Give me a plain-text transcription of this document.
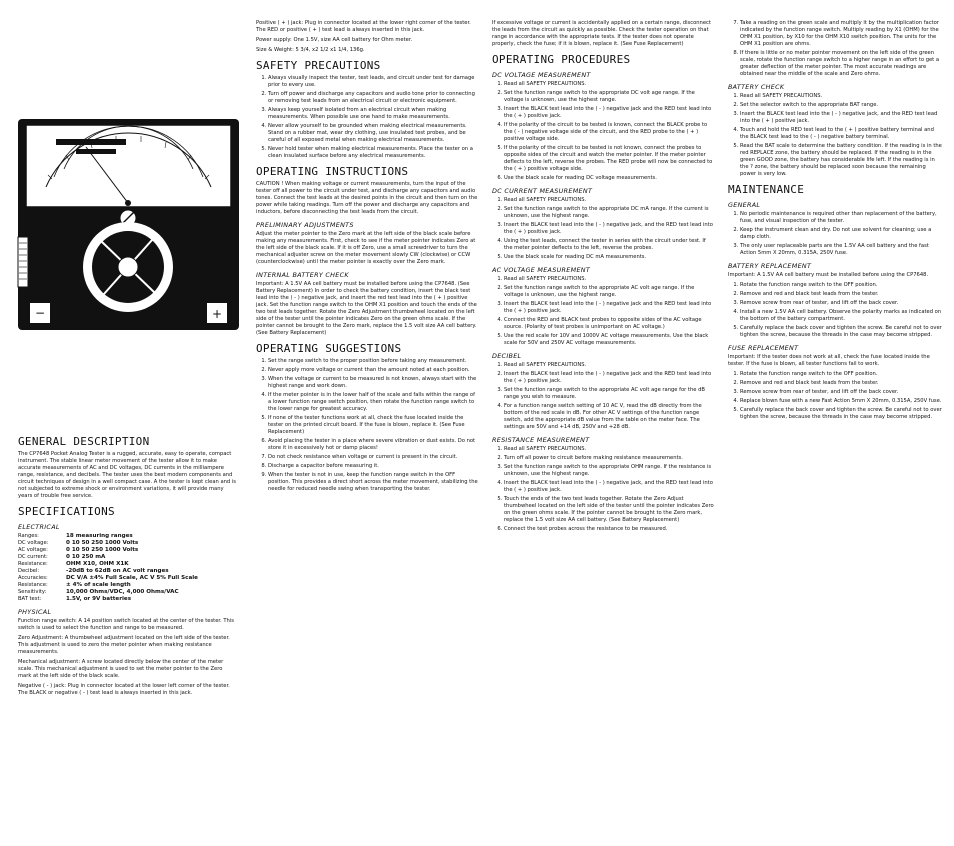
−	+
GENERAL DESCRIPTION

The CP7648 Pocket Analog Tester is a rugged, accurate, easy to operate, compact instrument. The stable linear meter movement of the tester allow it to make accurate measurements of AC and DC voltages, DC currents in the milliampere range, resistance, and decibels. The tester uses the best modern components and circuit techniques of design in a well compact case. A the tester is kept clean and is not subjected to extreme shock or environment variations, it will provide many years of trouble free service.

SPECIFICATIONS
ELECTRICAL
Ranges:	18 measuring ranges
DC voltage:	0 10 50 250 1000 Volts
AC voltage:	0 10 50 250 1000 Volts
DC current:	0 10 250 mA
Resistance:	OHM X10, OHM X1K
Decibel:	-20dB to 62dB on AC volt ranges
Accuracies:	DC V/A ±4% Full Scale, AC V 5% Full Scale
Resistance:	± 4% of scale length
Sensitivity:	10,000 Ohms/VDC, 4,000 Ohms/VAC
BAT test:	1.5V, or 9V batteries
PHYSICAL

Function range switch: A 14 position switch located at the center of the tester. This switch is used to select the function and range to be measured.

Zero Adjustment: A thumbwheel adjustment located on the left side of the tester. This adjustment is used to zero the meter pointer when making resistance measurements.

Mechanical adjustment: A screw located directly below the center of the meter scale. This mechanical adjustment is used to set the meter pointer to the Zero mark at the left side of the black scale.

Negative ( - ) jack: Plug in connector located at the lower left corner of the tester. The BLACK or negative ( - ) test lead is always inserted in this jack.

Positive ( + ) jack: Plug in connector located at the lower right corner of the tester. The RED or positive ( + ) test lead is always inserted in this jack.

Power supply: One 1.5V, size AA cell battery for Ohm meter.

Size & Weight: 5 3/4, x2 1/2 x1 1/4, 136g.

SAFETY PRECAUTIONS
1. Always visually inspect the tester, test leads, and circuit under test for damage prior to every use.
2. Turn off power and discharge any capacitors and audio tone prior to connecting or removing test leads from an electrical circuit or electronic equipment.
3. Always keep yourself isolated from an electrical circuit when making measurements. When possible use one hand to make measurements.
4. Never allow yourself to be grounded when making electrical measurements. Stand on a rubber mat, wear dry clothing, use insulated test probes, and be careful of all exposed metal when making electrical measurements.
5. Never hold tester when making electrical measurements. Place the tester on a clean insulated surface before any electrical measurements.
OPERATING INSTRUCTIONS

CAUTION ! When making voltage or current measurements, turn the input of the tester off all power to the circuit under test, and discharge any capacitors and audio tones. Connect the test leads at the desired points in the circuit and then turn on the power while taking readings. Turn off the power and discharge any capacitors and inductors, before disconnecting the test leads from the circuit.

PRELIMINARY ADJUSTMENTS

Adjust the meter pointer to the Zero mark at the left side of the black scale before making any measurements. First, check to see if the meter pointer indicates Zero at the left side of the black scale. If it is off Zero, use a small screwdriver to turn the mechanical adjuster screw on the meter movement slowly CW (clockwise) or CCW (counterclockwise) until the meter pointer is exactly over the Zero mark.

INTERNAL BATTERY CHECK

Important: A 1.5V AA cell battery must be installed before using the CP7648. (See Battery Replacement) In order to check the battery condition, insert the black test lead into the ( - ) negative jack, and insert the red test lead into the ( + ) positive jack. Set the function range switch to the OHM X1 position and touch the ends of the two test leads together. Rotate the Zero Adjustment thumbwheel located on the left side of the tester until the pointer indicates Zero on the green ohms scale. If the pointer cannot be brought to the Zero mark, replace the 1.5 volt size AA cell battery. (See Battery Replacement)

OPERATING SUGGESTIONS
1. Set the range switch to the proper position before taking any measurement.
2. Never apply more voltage or current than the amount noted at each position.
3. When the voltage or current to be measured is not known, always start with the highest range and work down.
4. If the meter pointer is in the lower half of the scale and falls within the range of a lower function range switch position, then rotate the function range switch to the lower range for greatest accuracy.
5. If none of the tester functions work at all, check the fuse located inside the tester on the printed circuit board. If the fuse is blown, replace it. (See Fuse Replacement)
6. Avoid placing the tester in a place where severe vibration or dust exists. Do not store it in excessively hot or damp places!
7. Do not check resistance when voltage or current is present in the circuit.
8. Discharge a capacitor before measuring it.
9. When the tester is not in use, keep the function range switch in the OFF position. This provides a direct short across the meter movement, stabilizing the needle for reduced needle swing when transporting the tester.

If excessive voltage or current is accidentally applied on a certain range, disconnect the leads from the circuit as quickly as possible. Check the tester operation on that range in accordance with the appropriate tests. If the tester does not operate properly, check the fuse; if it is blown, replace it. (See Fuse Replacement)

OPERATING PROCEDURES
DC VOLTAGE MEASUREMENT
1. Read all SAFETY PRECAUTIONS.
2. Set the function range switch to the appropriate DC volt age range. If the voltage is unknown, use the highest range.
3. Insert the BLACK test lead into the ( - ) negative jack and the RED test lead into the ( + ) positive jack.
4. If the polarity of the circuit to be tested is known, connect the BLACK probe to the ( - ) negative voltage side of the circuit, and the RED probe to the ( + ) positive voltage side.
5. If the polarity of the circuit to be tested is not known, connect the probes to opposite sides of the circuit and watch the meter pointer. If the meter pointer deflects to the left, reverse the probes. The RED probe will now be connected to the ( + ) positive voltage side.
6. Use the black scale for reading DC voltage measurements.
DC CURRENT MEASUREMENT
1. Read all SAFETY PRECAUTIONS.
2. Set the function range switch to the appropriate DC mA range. If the current is unknown, use the highest range.
3. Insert the BLACK test lead into the ( - ) negative jack, and the RED test lead into the ( + ) positive jack.
4. Using the test leads, connect the tester in series with the circuit under test. If the meter pointer deflects to the left, reverse the probes.
5. Use the black scale for reading DC mA measurements.
AC VOLTAGE MEASUREMENT
1. Read all SAFETY PRECAUTIONS.
2. Set the function range switch to the appropriate AC volt age range. If the voltage is unknown, use the highest range.
3. Insert the BLACK test lead into the ( - ) negative jack and the RED test lead into the ( + ) positive jack.
4. Connect the RED and BLACK test probes to opposite sides of the AC voltage source. (Polarity of test probes is unimportant on AC voltage.)
5. Use the red scale for 10V and 1000V AC voltage measurements. Use the black scale for 50V and 250V AC voltage measurements.
DECIBEL
1. Read all SAFETY PRECAUTIONS.
2. Insert the BLACK test lead into the ( - ) negative jack and the RED test lead into the ( + ) positive jack.
3. Set the function range switch to the appropriate AC volt age range for the dB range you wish to measure.
4. For a function range switch setting of 10 AC V, read the dB directly from the bottom of the red scale in dB. For other AC V settings of the function range switch, add the appropriate dB value from the table on the meter face. The settings are 50V and +14 dB, 250V and +28 dB.
RESISTANCE MEASUREMENT
1. Read all SAFETY PRECAUTIONS.
2. Turn off all power to circuit before making resistance measurements.
3. Set the function range switch to the appropriate OHM range. If the resistance is unknown, use the highest range.
4. Insert the BLACK test lead into the ( - ) negative jack, and the RED test lead into the ( + ) positive jack.
5. Touch the ends of the two test leads together. Rotate the Zero Adjust thumbwheel located on the left side of the tester until the pointer indicates Zero on the green ohms scale. If the pointer cannot be brought to the Zero mark, replace the 1.5 volt size AA cell battery. (See Battery Replacement)
6. Connect the test probes across the resistance to be measured.
7. Take a reading on the green scale and multiply it by the multiplication factor indicated by the function range switch. Multiply reading by X1 (OHM) for the OHM X1 position, by X10 for the OHM X10 switch position. The units for the OHM X1 position are ohms.
8. If there is little or no meter pointer movement on the left side of the green scale, rotate the function range switch to a higher range in an effort to get a greater deflection of the meter pointer. The most accurate readings are obtained near the middle of the scale and Zero ohms.
BATTERY CHECK
1. Read all SAFETY PRECAUTIONS.
2. Set the selector switch to the appropriate BAT range.
3. Insert the BLACK test lead into the ( - ) negative jack, and the RED test lead into the ( + ) positive jack.
4. Touch and hold the RED test lead to the ( + ) positive battery terminal and the BLACK test lead to the ( - ) negative battery terminal.
5. Read the BAT scale to determine the battery condition. If the reading is in the red REPLACE zone, the battery should be replaced. If the reading is in the green GOOD zone, the battery has considerable life left. If the reading is in the ? zone, the battery should be replaced soon because the remaining power is very low.
MAINTENANCE
GENERAL
1. No periodic maintenance is required other than replacement of the battery, fuse, and visual inspection of the tester.
2. Keep the instrument clean and dry. Do not use solvent for cleaning; use a damp cloth.
3. The only user replaceable parts are the 1.5V AA cell battery and the fast Action 5mm X 20mm, 0.315A, 250V fuse.
BATTERY REPLACEMENT

Important: A 1.5V AA cell battery must be installed before using the CP7648.

1. Rotate the function range switch to the OFF position.
2. Remove and red and black test leads from the tester.
3. Remove screw from rear of tester, and lift off the back cover.
4. Install a new 1.5V AA cell battery. Observe the polarity marks as indicated on the bottom of the battery compartment.
5. Carefully replace the back cover and tighten the screw. Be careful not to over tighten the screw, because the threads in the case may become stripped.
FUSE REPLACEMENT

Important: If the tester does not work at all, check the fuse located inside the tester. If the fuse is blown, all tester functions fail to work.

1. Rotate the function range switch to the OFF position.
2. Remove and red and black test leads from the tester.
3. Remove screw from rear of tester, and lift off the back cover.
4. Replace blown fuse with a new Fast Action 5mm X 20mm, 0.315A, 250V fuse.
5. Carefully replace the back cover and tighten the screw. Be careful not to over tighten the screw, because the threads in the case may become stripped.
